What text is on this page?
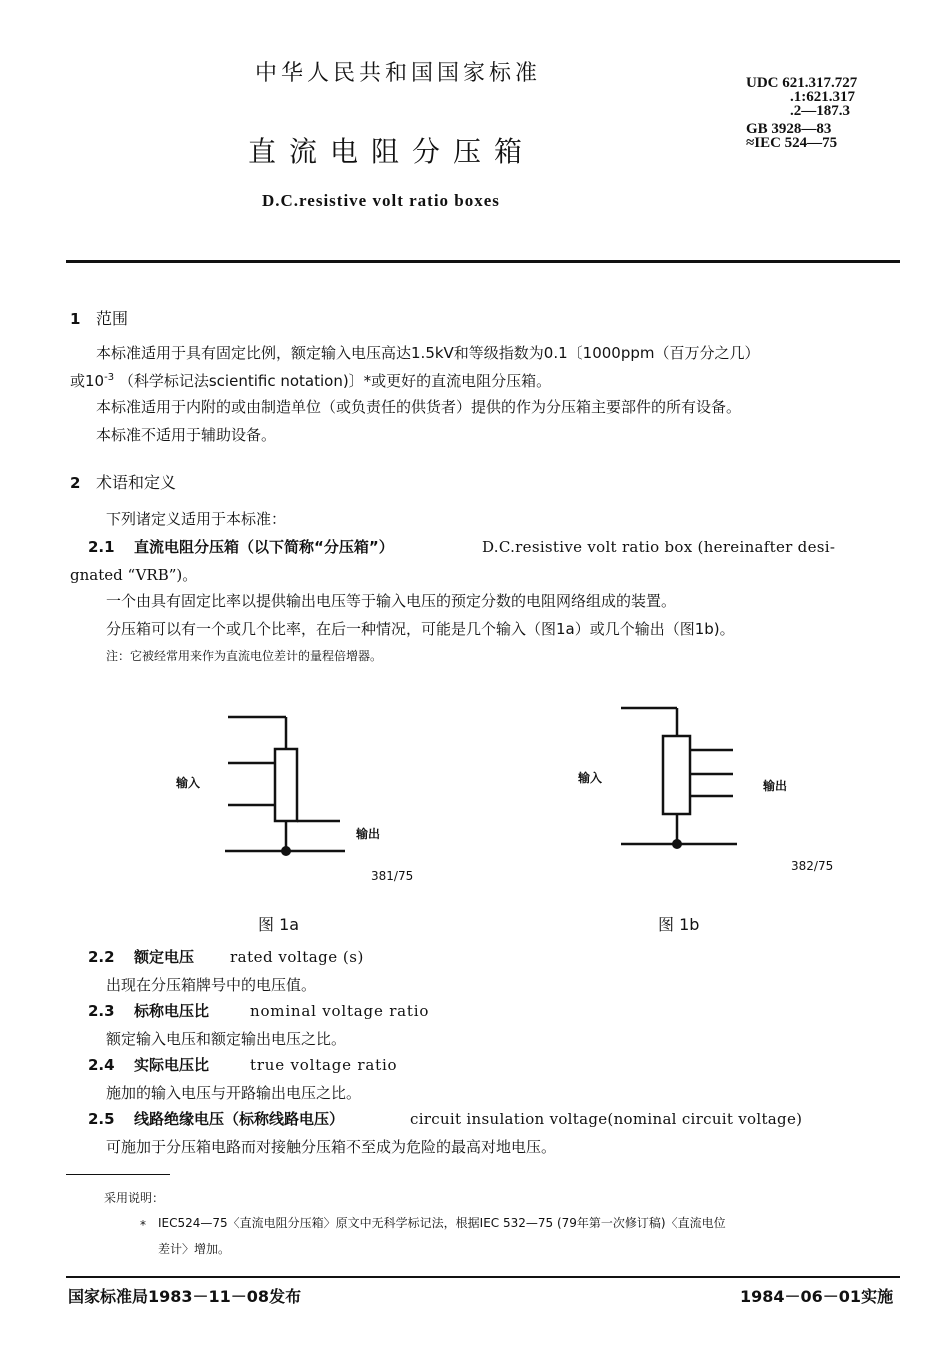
中华人民共和国国家标准
直流电阻分压箱
D.C.resistive volt ratio boxes
UDC 621.317.727
.1:621.317
.2—187.3
GB 3928—83
≈IEC 524—75
1 范围
本标准适用于具有固定比例，额定输入电压高达1.5kV和等级指数为0.1〔1000ppm（百万分之几）
或$10^{-3}$ （科学标记法scientific notation)〕*或更好的直流电阻分压箱。
本标准适用于内附的或由制造单位（或负责任的供货者）提供的作为分压箱主要部件的所有设备。
本标准不适用于辅助设备。
2 术语和定义
下列诸定义适用于本标准：
2.1 直流电阻分压箱（以下简称“分压箱”）	D.C.resistive volt ratio box (hereinafter desi-
gnated “VRB”)。
一个由具有固定比率以提供输出电压等于输入电压的预定分数的电阻网络组成的装置。
分压箱可以有一个或几个比率，在后一种情况，可能是几个输入（图1a）或几个输出（图1b)。
注：它被经常用来作为直流电位差计的量程倍增器。
输入
输出
381/75
图 1a
输入
输出
382/75
图 1b
2.2 额定电压 rated voltage (s)
出现在分压箱牌号中的电压值。
2.3 标称电压比	nominal voltage ratio
额定输入电压和额定输出电压之比。
2.4 实际电压比	true voltage ratio
施加的输入电压与开路输出电压之比。
2.5 线路绝缘电压（标称线路电压）	circuit insulation voltage(nominal circuit voltage)
可施加于分压箱电路而对接触分压箱不至成为危险的最高对地电压。
采用说明：
* IEC524—75〈直流电阻分压箱〉原文中无科学标记法，根据IEC 532—75 (79年第一次修订稿)〈直流电位
差计〉增加。
国家标准局1983－11－08发布	1984－06－01实施
